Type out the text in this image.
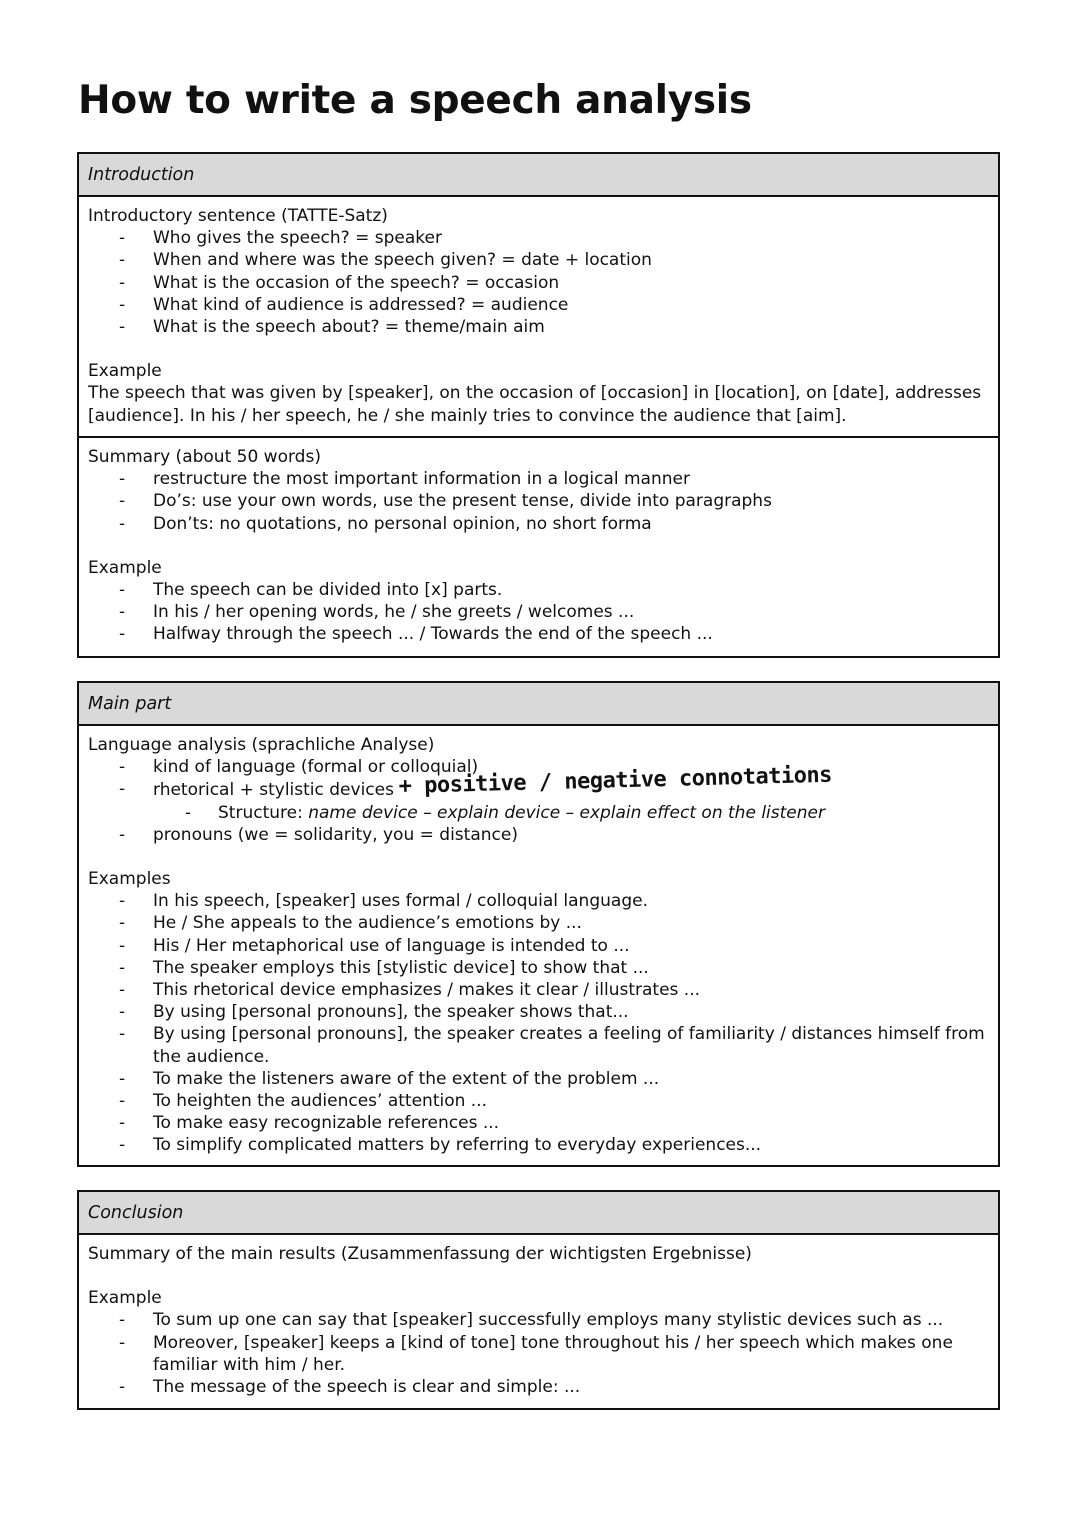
How to write a speech analysis
Introduction

Introductory sentence (TATTE-Satz)

- Who gives the speech? = speaker
- When and where was the speech given? = date + location
- What is the occasion of the speech? = occasion
- What kind of audience is addressed? = audience
- What is the speech about? = theme/main aim

Example

The speech that was given by [speaker], on the occasion of [occasion] in [location], on [date], addresses [audience]. In his / her speech, he / she mainly tries to convince the audience that [aim].

Summary (about 50 words)

- restructure the most important information in a logical manner
- Do’s: use your own words, use the present tense, divide into paragraphs
- Don’ts: no quotations, no personal opinion, no short forma

Example

- The speech can be divided into [x] parts.
- In his / her opening words, he / she greets / welcomes ...
- Halfway through the speech ... / Towards the end of the speech ...
Main part

Language analysis (sprachliche Analyse)

- kind of language (formal or colloquial)
- rhetorical + stylistic devices + positive / negative connotations
- Structure: name device – explain device – explain effect on the listener
- pronouns (we = solidarity, you = distance)

Examples

- In his speech, [speaker] uses formal / colloquial language.
- He / She appeals to the audience’s emotions by ...
- His / Her metaphorical use of language is intended to ...
- The speaker employs this [stylistic device] to show that ...
- This rhetorical device emphasizes / makes it clear / illustrates ...
- By using [personal pronouns], the speaker shows that...
- By using [personal pronouns], the speaker creates a feeling of familiarity / distances himself from the audience.
- To make the listeners aware of the extent of the problem ...
- To heighten the audiences’ attention ...
- To make easy recognizable references ...
- To simplify complicated matters by referring to everyday experiences...
Conclusion

Summary of the main results (Zusammenfassung der wichtigsten Ergebnisse)

Example

- To sum up one can say that [speaker] successfully employs many stylistic devices such as ...
- Moreover, [speaker] keeps a [kind of tone] tone throughout his / her speech which makes one familiar with him / her.
- The message of the speech is clear and simple: ...
